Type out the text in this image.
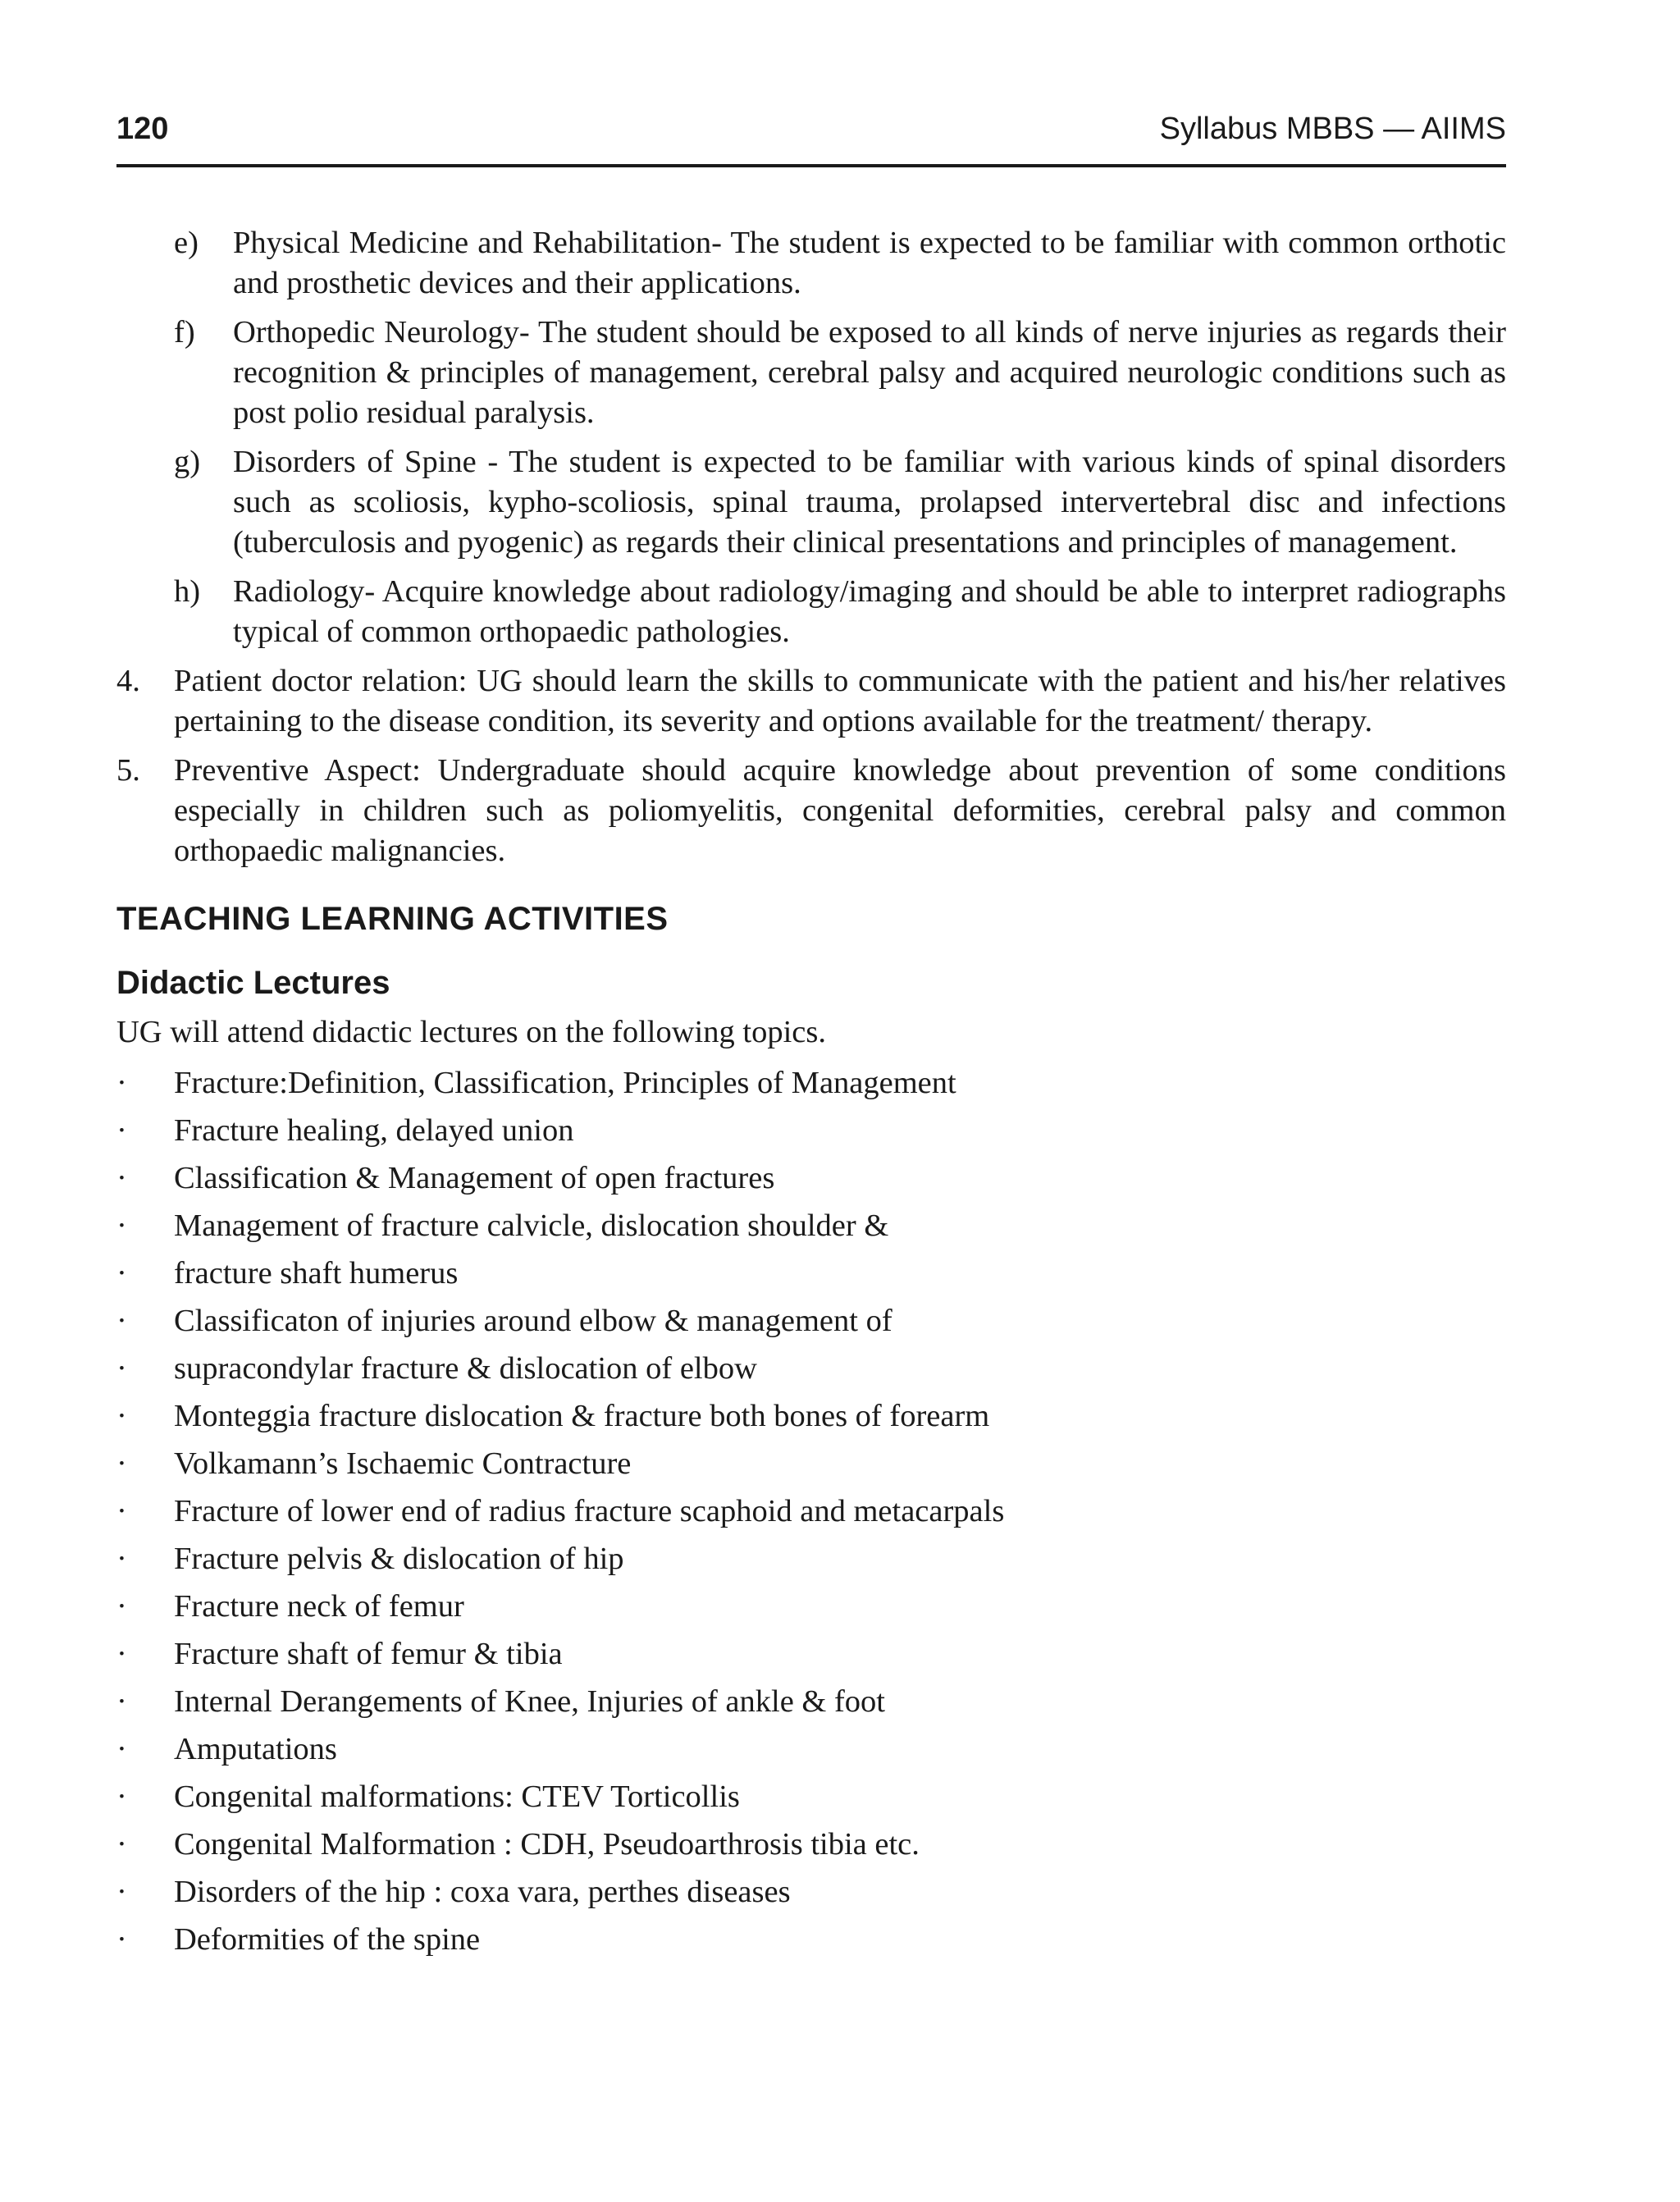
120	Syllabus MBBS — AIIMS
e) Physical Medicine and Rehabilitation- The student is expected to be familiar with common orthotic and prosthetic devices and their applications.
f) Orthopedic Neurology- The student should be exposed to all kinds of nerve injuries as regards their recognition & principles of management, cerebral palsy and acquired neurologic conditions such as post polio residual paralysis.
g) Disorders of Spine - The student is expected to be familiar with various kinds of spinal disorders such as scoliosis, kypho-scoliosis, spinal trauma, prolapsed intervertebral disc and infections (tuberculosis and pyogenic) as regards their clinical presentations and principles of management.
h) Radiology- Acquire knowledge about radiology/imaging and should be able to interpret radiographs typical of common orthopaedic pathologies.
4. Patient doctor relation: UG should learn the skills to communicate with the patient and his/her relatives pertaining to the disease condition, its severity and options available for the treatment/ therapy.
5. Preventive Aspect: Undergraduate should acquire knowledge about prevention of some conditions especially in children such as poliomyelitis, congenital deformities, cerebral palsy and common orthopaedic malignancies.
TEACHING LEARNING ACTIVITIES
Didactic Lectures
UG will attend didactic lectures on the following topics.
· Fracture:Definition, Classification, Principles of Management
· Fracture healing, delayed union
· Classification & Management of open fractures
· Management of fracture calvicle, dislocation shoulder &
· fracture shaft humerus
· Classificaton of injuries around elbow & management of
· supracondylar fracture & dislocation of elbow
· Monteggia fracture dislocation & fracture both bones of forearm
· Volkamann’s Ischaemic Contracture
· Fracture of lower end of radius fracture scaphoid and metacarpals
· Fracture pelvis & dislocation of hip
· Fracture neck of femur
· Fracture shaft of femur & tibia
· Internal Derangements of Knee, Injuries of ankle & foot
· Amputations
· Congenital malformations: CTEV Torticollis
· Congenital Malformation : CDH, Pseudoarthrosis tibia etc.
· Disorders of the hip : coxa vara, perthes diseases
· Deformities of the spine
